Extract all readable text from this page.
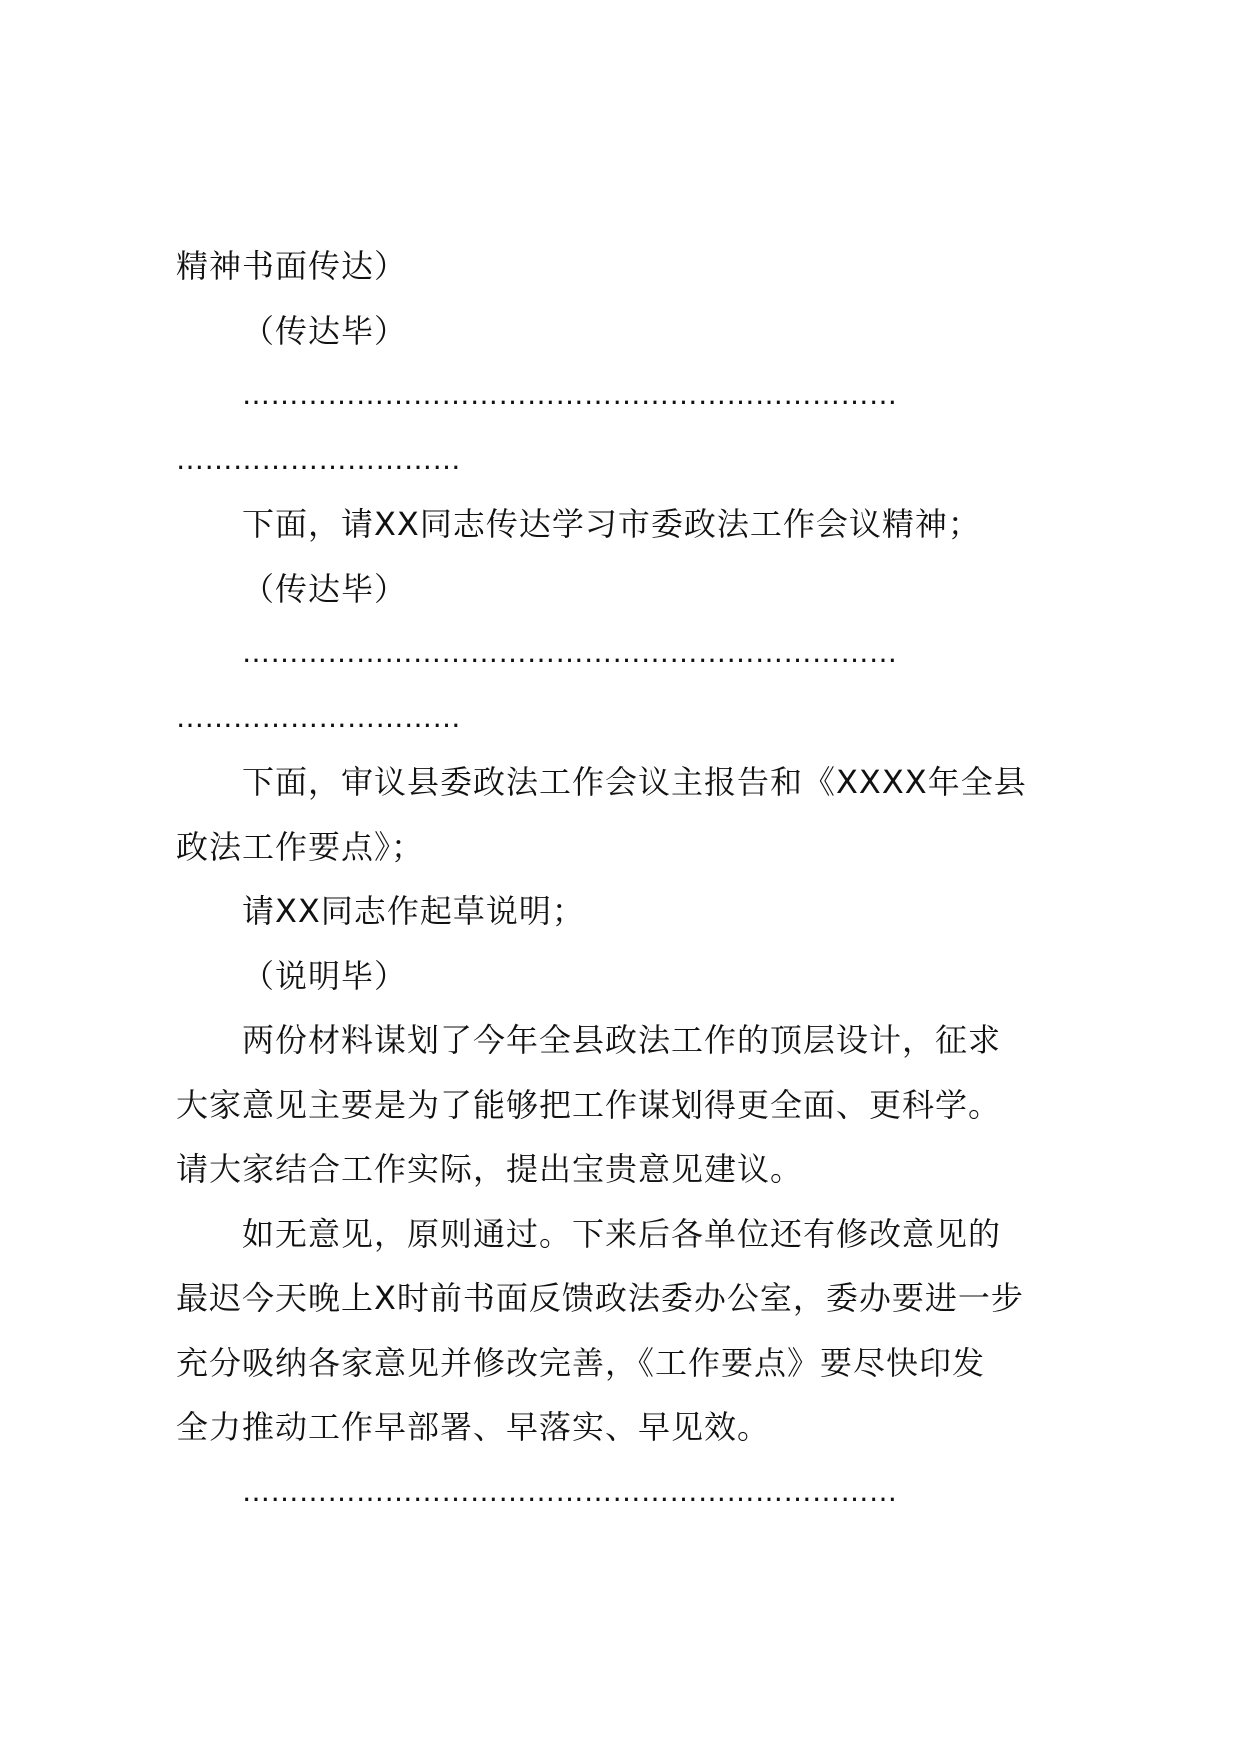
精神书面传达）
（传达毕）
……………………………………………………………
…………………………
下面，请XX同志传达学习市委政法工作会议精神；
（传达毕）
……………………………………………………………
…………………………
下面，审议县委政法工作会议主报告和《XXXX年全县
政法工作要点》；
请XX同志作起草说明；
（说明毕）
两份材料谋划了今年全县政法工作的顶层设计，征求
大家意见主要是为了能够把工作谋划得更全面、更科学。
请大家结合工作实际，提出宝贵意见建议。
如无意见，原则通过。下来后各单位还有修改意见的
最迟今天晚上X时前书面反馈政法委办公室，委办要进一步
充分吸纳各家意见并修改完善，《工作要点》要尽快印发
全力推动工作早部署、早落实、早见效。
……………………………………………………………
